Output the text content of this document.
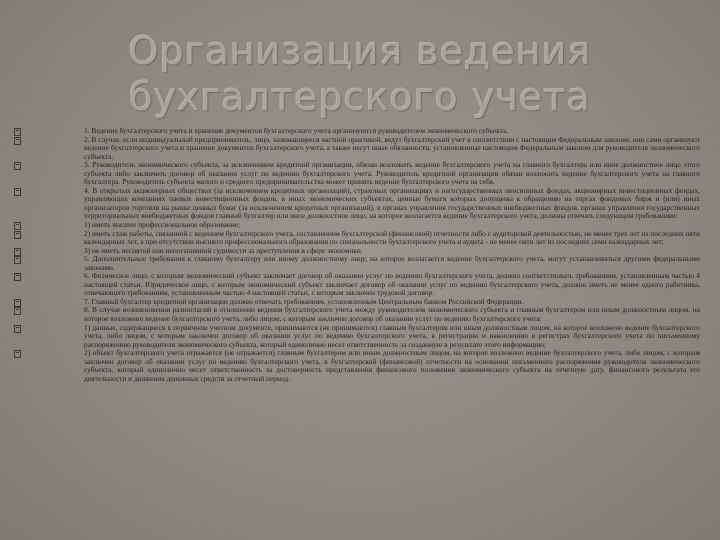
Организация ведения
бухгалтерского учета
1. Ведение бухгалтерского учета и хранение документов бухгалтерского учета организуются руководителем экономического субъекта.
2. В случае, если индивидуальный предприниматель, лицо, занимающееся частной практикой, ведут бухгалтерский учет в соответствии с настоящим Федеральным законом, они сами организуют ведение бухгалтерского учета и хранение документов бухгалтерского учета, а также несут иные обязанности, установленные настоящим Федеральным законом для руководителя экономического субъекта.
3. Руководитель экономического субъекта, за исключением кредитной организации, обязан возложить ведение бухгалтерского учета на главного бухгалтера или иное должностное лицо этого субъекта либо заключить договор об оказании услуг по ведению бухгалтерского учета. Руководитель кредитной организации обязан возложить ведение бухгалтерского учета на главного бухгалтера. Руководитель субъекта малого и среднего предпринимательства может принять ведение бухгалтерского учета на себя.
4. В открытых акционерных обществах (за исключением кредитных организаций), страховых организациях и негосударственных пенсионных фондах, акционерных инвестиционных фондах, управляющих компаниях паевых инвестиционных фондов, в иных экономических субъектах, ценные бумаги которых допущены к обращению на торгах фондовых бирж и (или) иных организаторов торговли на рынке ценных бумаг (за исключением кредитных организаций), в органах управления государственных внебюджетных фондов, органах управления государственных территориальных внебюджетных фондов главный бухгалтер или иное должностное лицо, на которое возлагается ведение бухгалтерского учета, должны отвечать следующим требованиям:
1) иметь высшее профессиональное образование;
2) иметь стаж работы, связанной с ведением бухгалтерского учета, составлением бухгалтерской (финансовой) отчетности либо с аудиторской деятельностью, не менее трех лет из последних пяти календарных лет, а при отсутствии высшего профессионального образования по специальности бухгалтерского учета и аудита - не менее пяти лет из последних семи календарных лет;
3) не иметь неснятой или непогашенной судимости за преступления в сфере экономики.
5. Дополнительные требования к главному бухгалтеру или иному должностному лицу, на которое возлагается ведение бухгалтерского учета, могут устанавливаться другими федеральными законами.
6. Физическое лицо, с которым экономический субъект заключает договор об оказании услуг по ведению бухгалтерского учета, должно соответствовать требованиям, установленным частью 4 настоящей статьи. Юридическое лицо, с которым экономический субъект заключает договор об оказании услуг по ведению бухгалтерского учета, должно иметь не менее одного работника, отвечающего требованиям, установленным частью 4 настоящей статьи, с которым заключен трудовой договор.
7. Главный бухгалтер кредитной организации должен отвечать требованиям, установленным Центральным банком Российской Федерации.
8. В случае возникновения разногласий в отношении ведения бухгалтерского учета между руководителем экономического субъекта и главным бухгалтером или иным должностным лицом, на которое возложено ведение бухгалтерского учета, либо лицом, с которым заключен договор об оказании услуг по ведению бухгалтерского учета:
1) данные, содержащиеся в первичном учетном документе, принимаются (не принимаются) главным бухгалтером или иным должностным лицом, на которое возложено ведение бухгалтерского учета, либо лицом, с которым заключен договор об оказании услуг по ведению бухгалтерского учета, к регистрации и накоплению в регистрах бухгалтерского учета по письменному распоряжению руководителя экономического субъекта, который единолично несет ответственность за созданную в результате этого информацию;
2) объект бухгалтерского учета отражается (не отражается) главным бухгалтером или иным должностным лицом, на которое возложено ведение бухгалтерского учета, либо лицом, с которым заключен договор об оказании услуг по ведению бухгалтерского учета, в бухгалтерской (финансовой) отчетности на основании письменного распоряжения руководителя экономического субъекта, который единолично несет ответственность за достоверность представления финансового положения экономического субъекта на отчетную дату, финансового результата его деятельности и движения денежных средств за отчетный период.
